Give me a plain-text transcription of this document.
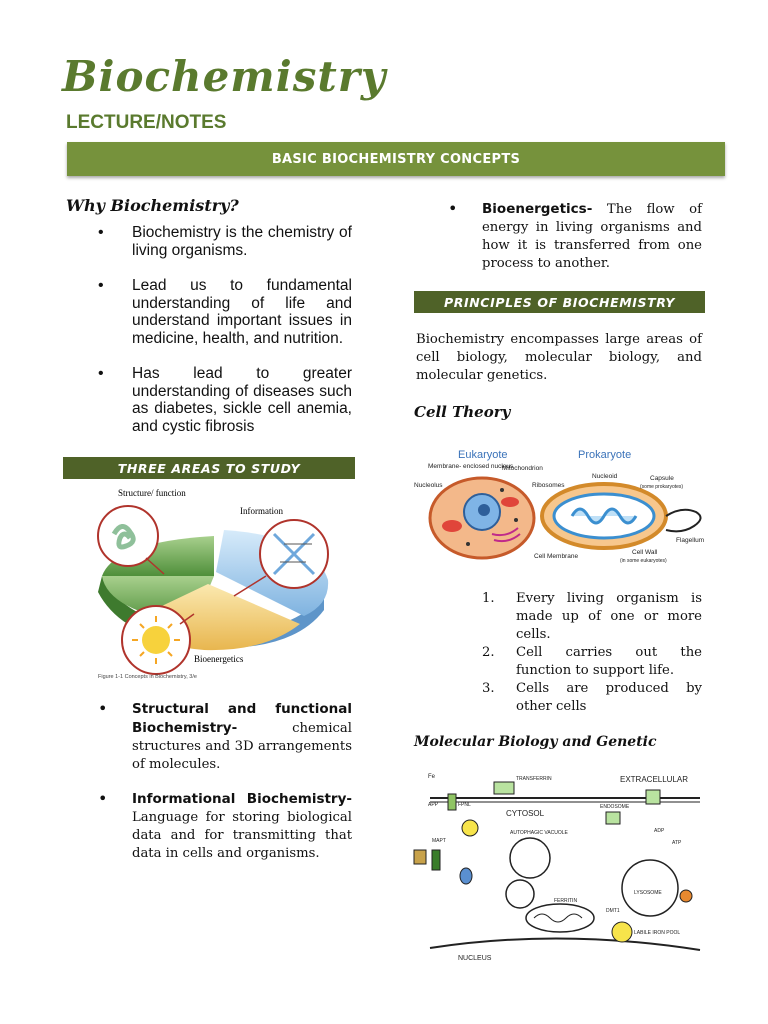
Biochemistry
LECTURE/NOTES
BASIC BIOCHEMISTRY CONCEPTS
Why Biochemistry?
• Biochemistry is the chemistry of living organisms.
• Lead us to fundamental understanding of life and understand important issues in medicine, health, and nutrition.
• Has lead to greater understanding of diseases such as diabetes, sickle cell anemia, and cystic fibrosis
THREE AREAS TO STUDY
Structure/ function
Information
Bioenergetics
Figure 1-1 Concepts in Biochemistry, 3/e
• Structural and functional Biochemistry-	chemical structures and 3D arrangements of molecules.
• Informational Biochemistry- Language for storing biological data and for transmitting that data in cells and organisms.
• Bioenergetics- The flow of energy in living organisms and how it is transferred from one process to another.
PRINCIPLES OF BIOCHEMISTRY
Biochemistry encompasses large areas of cell biology, molecular biology, and molecular genetics.
Cell Theory
Eukaryote	Prokaryote
Membrane- enclosed nucleus
Nucleolus
Mitochondrion
Ribosomes
Nucleoid	Capsule
(some prokaryotes)
Flagellum
Cell Membrane
Cell Wall
(in some eukaryotes)
1. Every living organism is made up of one or more cells.
2. Cell carries out the function to support life.
3. Cells are produced by other cells
Molecular Biology and Genetic
EXTRACELLULAR
CYTOSOL
NUCLEUS
TRANSFERRIN
ENDOSOME
LYSOSOME
FERRITIN
LABILE IRON POOL
AUTOPHAGIC VACUOLE
Fe
APP	FPNL
DMT1
MAPT	ATP
ADP
